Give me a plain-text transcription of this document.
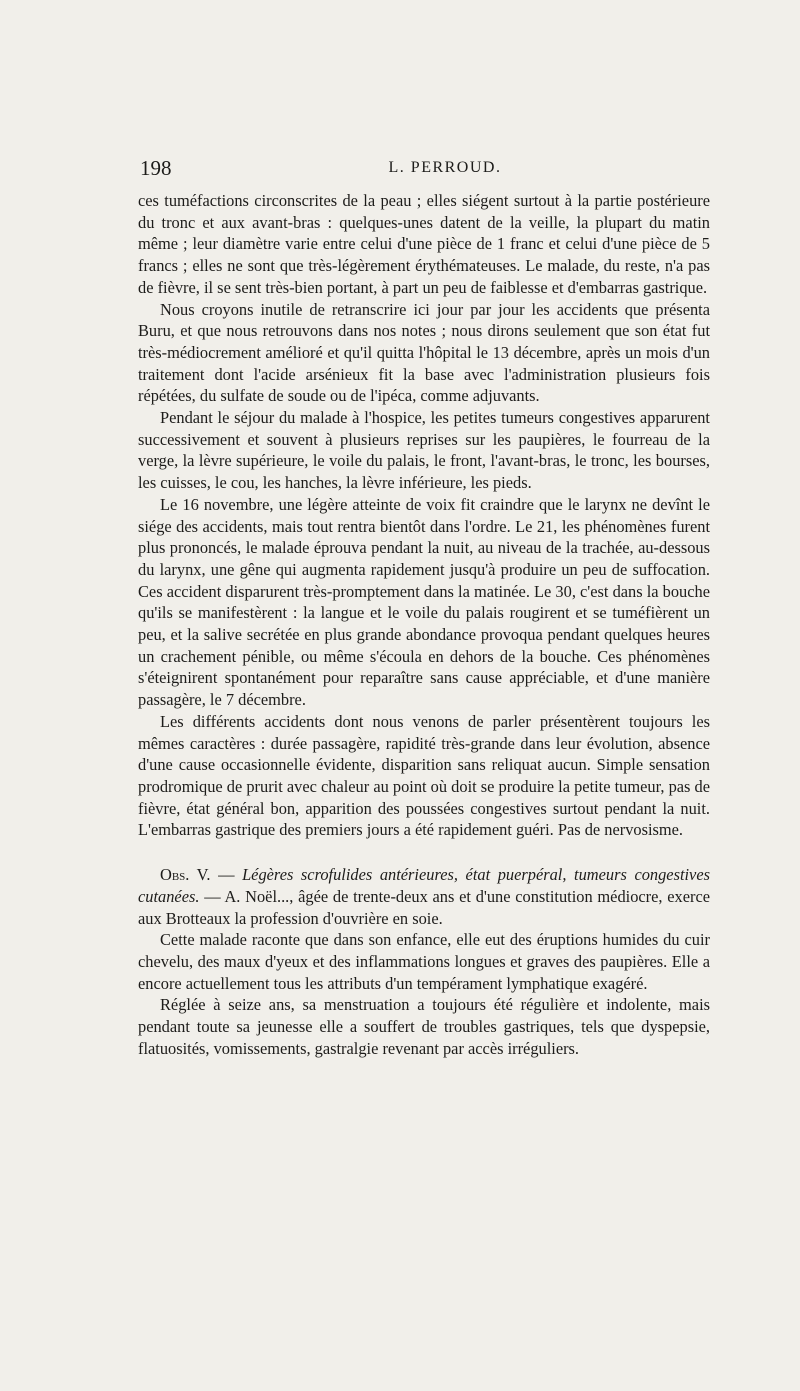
198	L. PERROUD.

ces tuméfactions circonscrites de la peau ; elles siégent surtout à la partie postérieure du tronc et aux avant-bras : quelques-unes datent de la veille, la plupart du matin même ; leur diamètre varie entre celui d'une pièce de 1 franc et celui d'une pièce de 5 francs ; elles ne sont que très-légèrement érythémateuses. Le malade, du reste, n'a pas de fièvre, il se sent très-bien portant, à part un peu de faiblesse et d'embarras gastrique.

Nous croyons inutile de retranscrire ici jour par jour les accidents que présenta Buru, et que nous retrouvons dans nos notes ; nous dirons seulement que son état fut très-médiocrement amélioré et qu'il quitta l'hôpital le 13 décembre, après un mois d'un traitement dont l'acide arsénieux fit la base avec l'administration plusieurs fois répétées, du sulfate de soude ou de l'ipéca, comme adjuvants.

Pendant le séjour du malade à l'hospice, les petites tumeurs congestives apparurent successivement et souvent à plusieurs reprises sur les paupières, le fourreau de la verge, la lèvre supérieure, le voile du palais, le front, l'avant-bras, le tronc, les bourses, les cuisses, le cou, les hanches, la lèvre inférieure, les pieds.

Le 16 novembre, une légère atteinte de voix fit craindre que le larynx ne devînt le siége des accidents, mais tout rentra bientôt dans l'ordre. Le 21, les phénomènes furent plus prononcés, le malade éprouva pendant la nuit, au niveau de la trachée, au-dessous du larynx, une gêne qui augmenta rapidement jusqu'à produire un peu de suffocation. Ces accident disparurent très-promptement dans la matinée. Le 30, c'est dans la bouche qu'ils se manifestèrent : la langue et le voile du palais rougirent et se tuméfièrent un peu, et la salive secrétée en plus grande abondance provoqua pendant quelques heures un crachement pénible, ou même s'écoula en dehors de la bouche. Ces phénomènes s'éteignirent spontanément pour reparaître sans cause appréciable, et d'une manière passagère, le 7 décembre.

Les différents accidents dont nous venons de parler présentèrent toujours les mêmes caractères : durée passagère, rapidité très-grande dans leur évolution, absence d'une cause occasionnelle évidente, disparition sans reliquat aucun. Simple sensation prodromique de prurit avec chaleur au point où doit se produire la petite tumeur, pas de fièvre, état général bon, apparition des poussées congestives surtout pendant la nuit. L'embarras gastrique des premiers jours a été rapidement guéri. Pas de nervosisme.

Obs. V. — Légères scrofulides antérieures, état puerpéral, tumeurs congestives cutanées. — A. Noël..., âgée de trente-deux ans et d'une constitution médiocre, exerce aux Brotteaux la profession d'ouvrière en soie.

Cette malade raconte que dans son enfance, elle eut des éruptions humides du cuir chevelu, des maux d'yeux et des inflammations longues et graves des paupières. Elle a encore actuellement tous les attributs d'un tempérament lymphatique exagéré.

Réglée à seize ans, sa menstruation a toujours été régulière et indolente, mais pendant toute sa jeunesse elle a souffert de troubles gastriques, tels que dyspepsie, flatuosités, vomissements, gastralgie revenant par accès irréguliers.
